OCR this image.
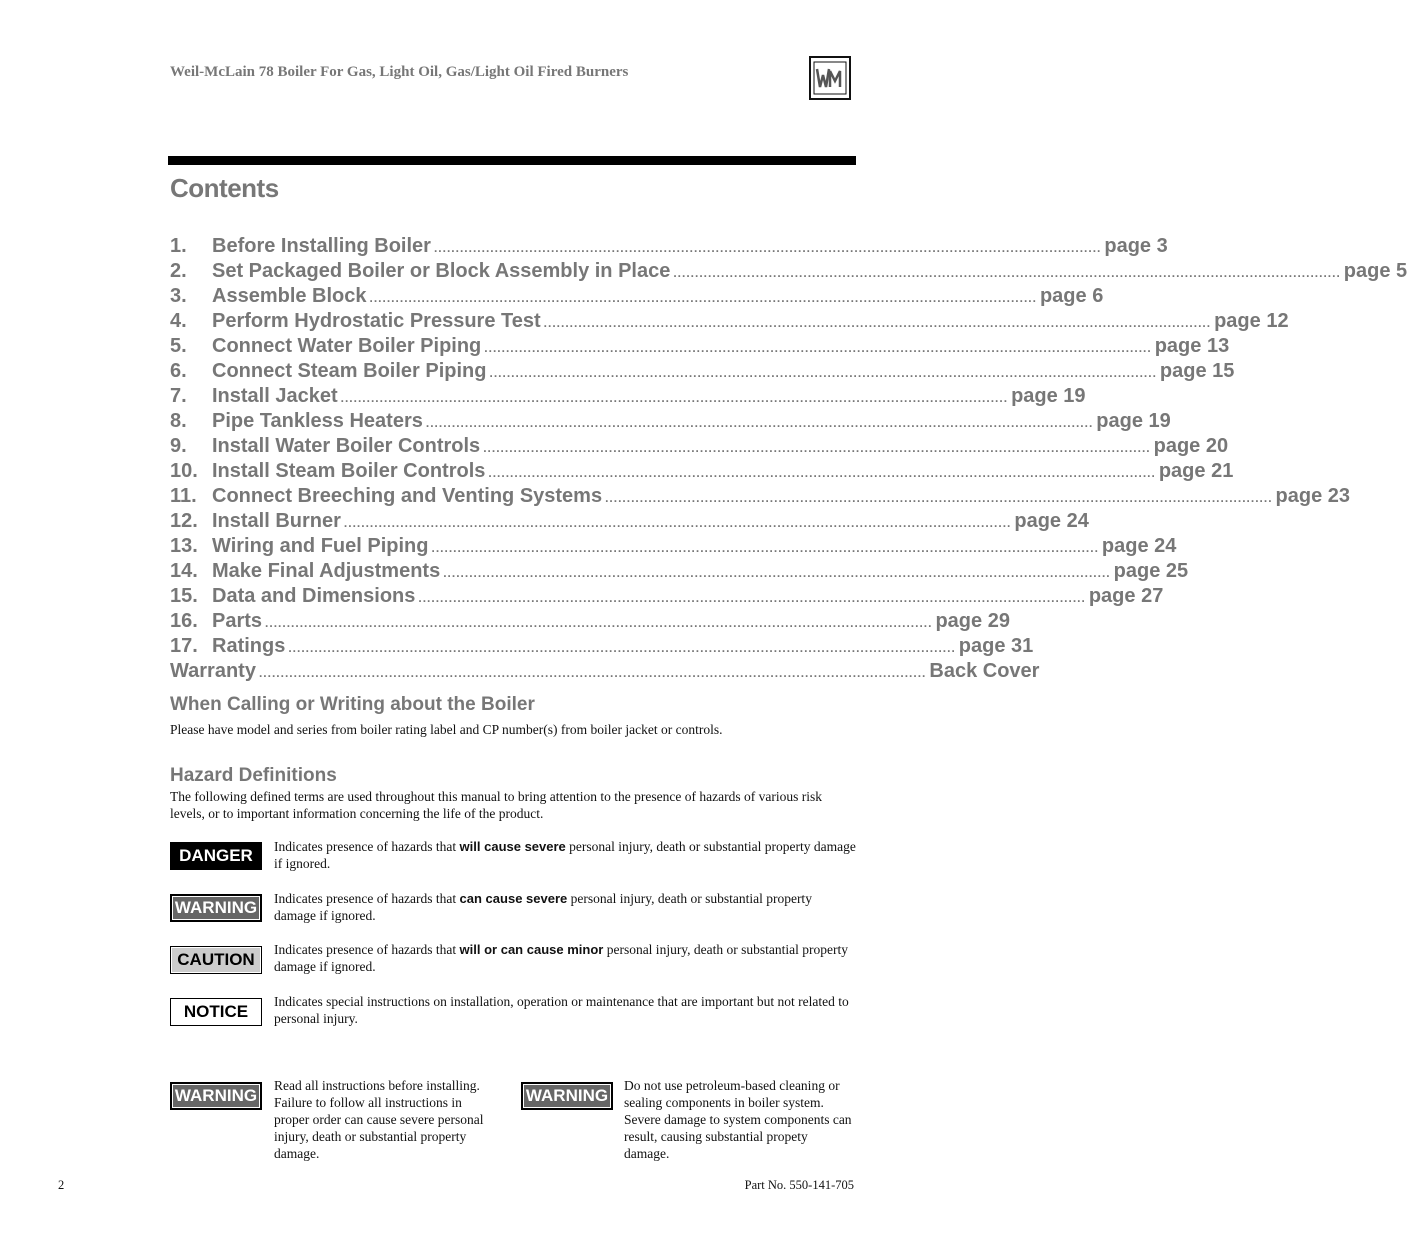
Weil-McLain 78 Boiler For Gas, Light Oil, Gas/Light Oil Fired Burners
Contents
1.	Before Installing Boiler .......................................................................................................................................................... page 3
2.	Set Packaged Boiler or Block Assembly in Place .......................................................................................................................................................... page 5
3.	Assemble Block .......................................................................................................................................................... page 6
4.	Perform Hydrostatic Pressure Test .......................................................................................................................................................... page 12
5.	Connect Water Boiler Piping .......................................................................................................................................................... page 13
6.	Connect Steam Boiler Piping .......................................................................................................................................................... page 15
7.	Install Jacket .......................................................................................................................................................... page 19
8.	Pipe Tankless Heaters .......................................................................................................................................................... page 19
9.	Install Water Boiler Controls .......................................................................................................................................................... page 20
10. Install Steam Boiler Controls .......................................................................................................................................................... page 21
11. Connect Breeching and Venting Systems .......................................................................................................................................................... page 23
12. Install Burner .......................................................................................................................................................... page 24
13. Wiring and Fuel Piping .......................................................................................................................................................... page 24
14. Make Final Adjustments .......................................................................................................................................................... page 25
15. Data and Dimensions .......................................................................................................................................................... page 27
16. Parts .......................................................................................................................................................... page 29
17. Ratings .......................................................................................................................................................... page 31
Warranty .......................................................................................................................................................... Back Cover
When Calling or Writing about the Boiler
Please have model and series from boiler rating label and CP number(s) from boiler jacket or controls.
Hazard Definitions
The following defined terms are used throughout this manual to bring attention to the presence of hazards of various risk levels, or to important information concerning the life of the product.
DANGER	Indicates presence of hazards that will cause severe personal injury, death or substantial property damage if ignored.
WARNING	Indicates presence of hazards that can cause severe personal injury, death or substantial property damage if ignored.
CAUTION
Indicates presence of hazards that will or can cause minor personal injury, death or substantial property damage if ignored.
NOTICE
Indicates special instructions on installation, operation or maintenance that are important but not related to personal injury.
WARNING
Read all instructions before installing. Failure to follow all instructions in proper order can cause severe personal injury, death or substantial property damage.
WARNING
Do not use petroleum-based cleaning or sealing components in boiler system. Severe damage to system components can result, causing substantial propety damage.
2	Part No. 550-141-705
